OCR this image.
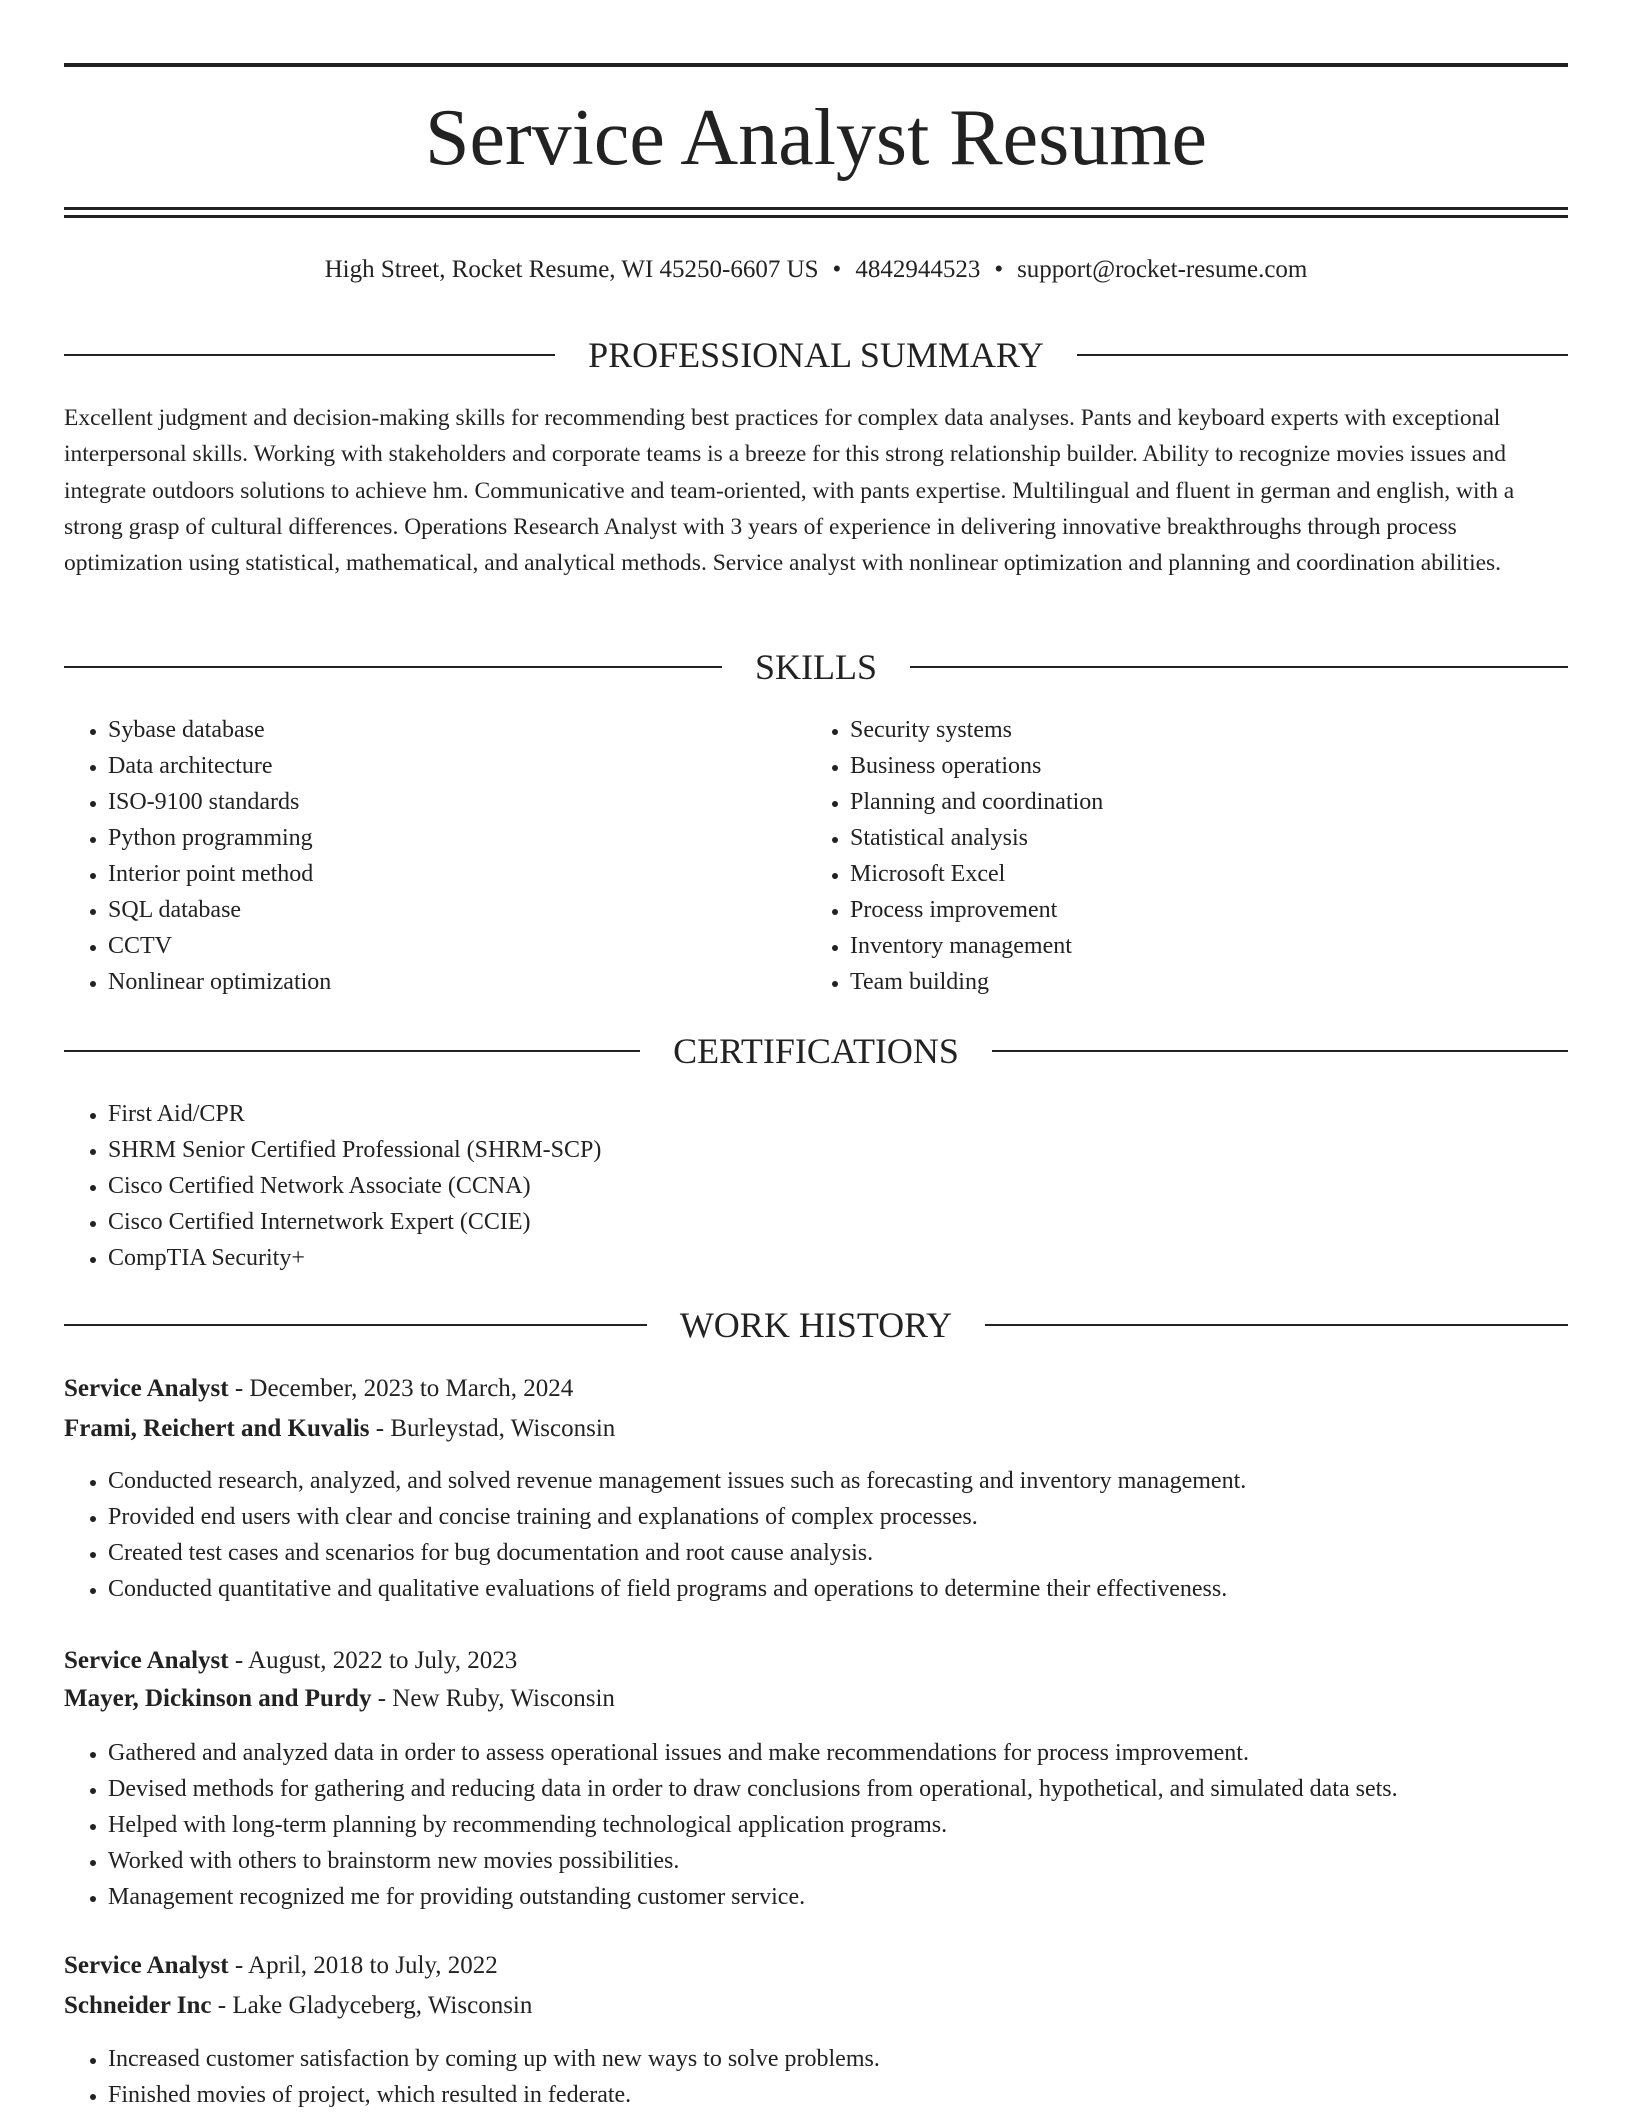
Service Analyst Resume
High Street, Rocket Resume, WI 45250-6607 US • 4842944523 • support@rocket-resume.com
PROFESSIONAL SUMMARY

Excellent judgment and decision-making skills for recommending best practices for complex data analyses. Pants and keyboard experts with exceptional interpersonal skills. Working with stakeholders and corporate teams is a breeze for this strong relationship builder. Ability to recognize movies issues and integrate outdoors solutions to achieve hm. Communicative and team-oriented, with pants expertise. Multilingual and fluent in german and english, with a strong grasp of cultural differences. Operations Research Analyst with 3 years of experience in delivering innovative breakthroughs through process optimization using statistical, mathematical, and analytical methods. Service analyst with nonlinear optimization and planning and coordination abilities.

SKILLS
• Sybase database
• Data architecture
• ISO-9100 standards
• Python programming
• Interior point method
• SQL database
• CCTV
• Nonlinear optimization
• Security systems
• Business operations
• Planning and coordination
• Statistical analysis
• Microsoft Excel
• Process improvement
• Inventory management
• Team building
CERTIFICATIONS
• First Aid/CPR
• SHRM Senior Certified Professional (SHRM-SCP)
• Cisco Certified Network Associate (CCNA)
• Cisco Certified Internetwork Expert (CCIE)
• CompTIA Security+
WORK HISTORY
Service Analyst - December, 2023 to March, 2024
Frami, Reichert and Kuvalis - Burleystad, Wisconsin
• Conducted research, analyzed, and solved revenue management issues such as forecasting and inventory management.
• Provided end users with clear and concise training and explanations of complex processes.
• Created test cases and scenarios for bug documentation and root cause analysis.
• Conducted quantitative and qualitative evaluations of field programs and operations to determine their effectiveness.
Service Analyst - August, 2022 to July, 2023
Mayer, Dickinson and Purdy - New Ruby, Wisconsin
• Gathered and analyzed data in order to assess operational issues and make recommendations for process improvement.
• Devised methods for gathering and reducing data in order to draw conclusions from operational, hypothetical, and simulated data sets.
• Helped with long-term planning by recommending technological application programs.
• Worked with others to brainstorm new movies possibilities.
• Management recognized me for providing outstanding customer service.
Service Analyst - April, 2018 to July, 2022
Schneider Inc - Lake Gladyceberg, Wisconsin
• Increased customer satisfaction by coming up with new ways to solve problems.
• Finished movies of project, which resulted in federate.
